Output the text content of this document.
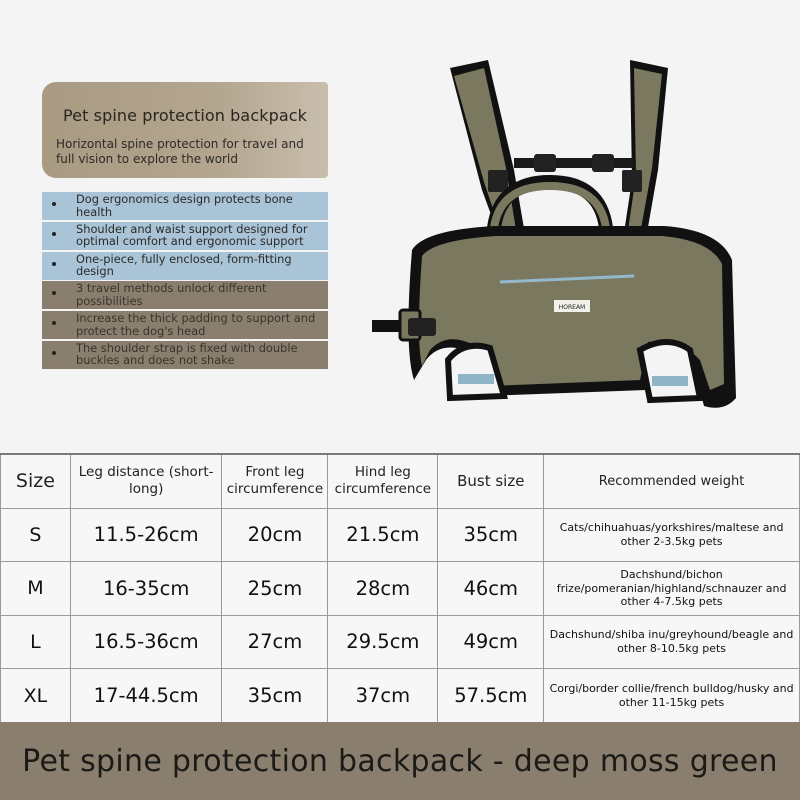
Pet spine protection backpack
Horizontal spine protection for travel and full vision to explore the world
Dog ergonomics design protects bone health
Shoulder and waist support designed for optimal comfort and ergonomic support
One-piece, fully enclosed, form-fitting design
3 travel methods unlock different possibilities
Increase the thick padding to support and protect the dog's head
The shoulder strap is fixed with double buckles and does not shake
HOREAM
Size	Leg distance (short-long)	Front leg circumference	Hind leg circumference	Bust size	Recommended weight
S	11.5-26cm	20cm	21.5cm	35cm	Cats/chihuahuas/yorkshires/maltese and other 2-3.5kg pets
M	16-35cm	25cm	28cm	46cm	Dachshund/bichon frize/pomeranian/highland/schnauzer and other 4-7.5kg pets
L	16.5-36cm	27cm	29.5cm	49cm	Dachshund/shiba inu/greyhound/beagle and other 8-10.5kg pets
XL	17-44.5cm	35cm	37cm	57.5cm	Corgi/border collie/french bulldog/husky and other 11-15kg pets
Pet spine protection backpack - deep moss green
